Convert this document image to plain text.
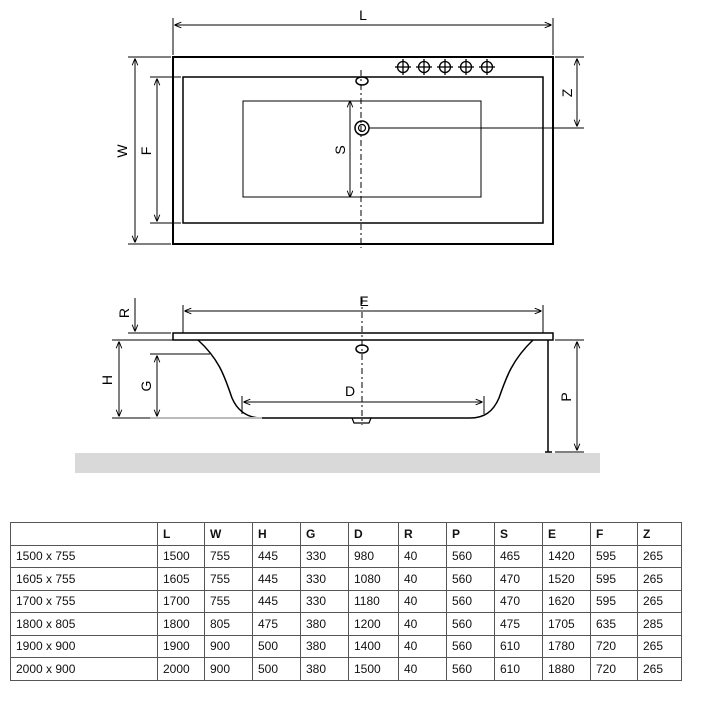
L
W F
Z
S
E
R
H
G	D	P
	L	W	H	G	D	R	P	S	E	F	Z
1500 x 755	1500	755	445	330	980	40	560	465	1420	595	265
1605 x 755	1605	755	445	330	1080	40	560	470	1520	595	265
1700 x 755	1700	755	445	330	1180	40	560	470	1620	595	265
1800 x 805	1800	805	475	380	1200	40	560	475	1705	635	285
1900 x 900	1900	900	500	380	1400	40	560	610	1780	720	265
2000 x 900	2000	900	500	380	1500	40	560	610	1880	720	265
